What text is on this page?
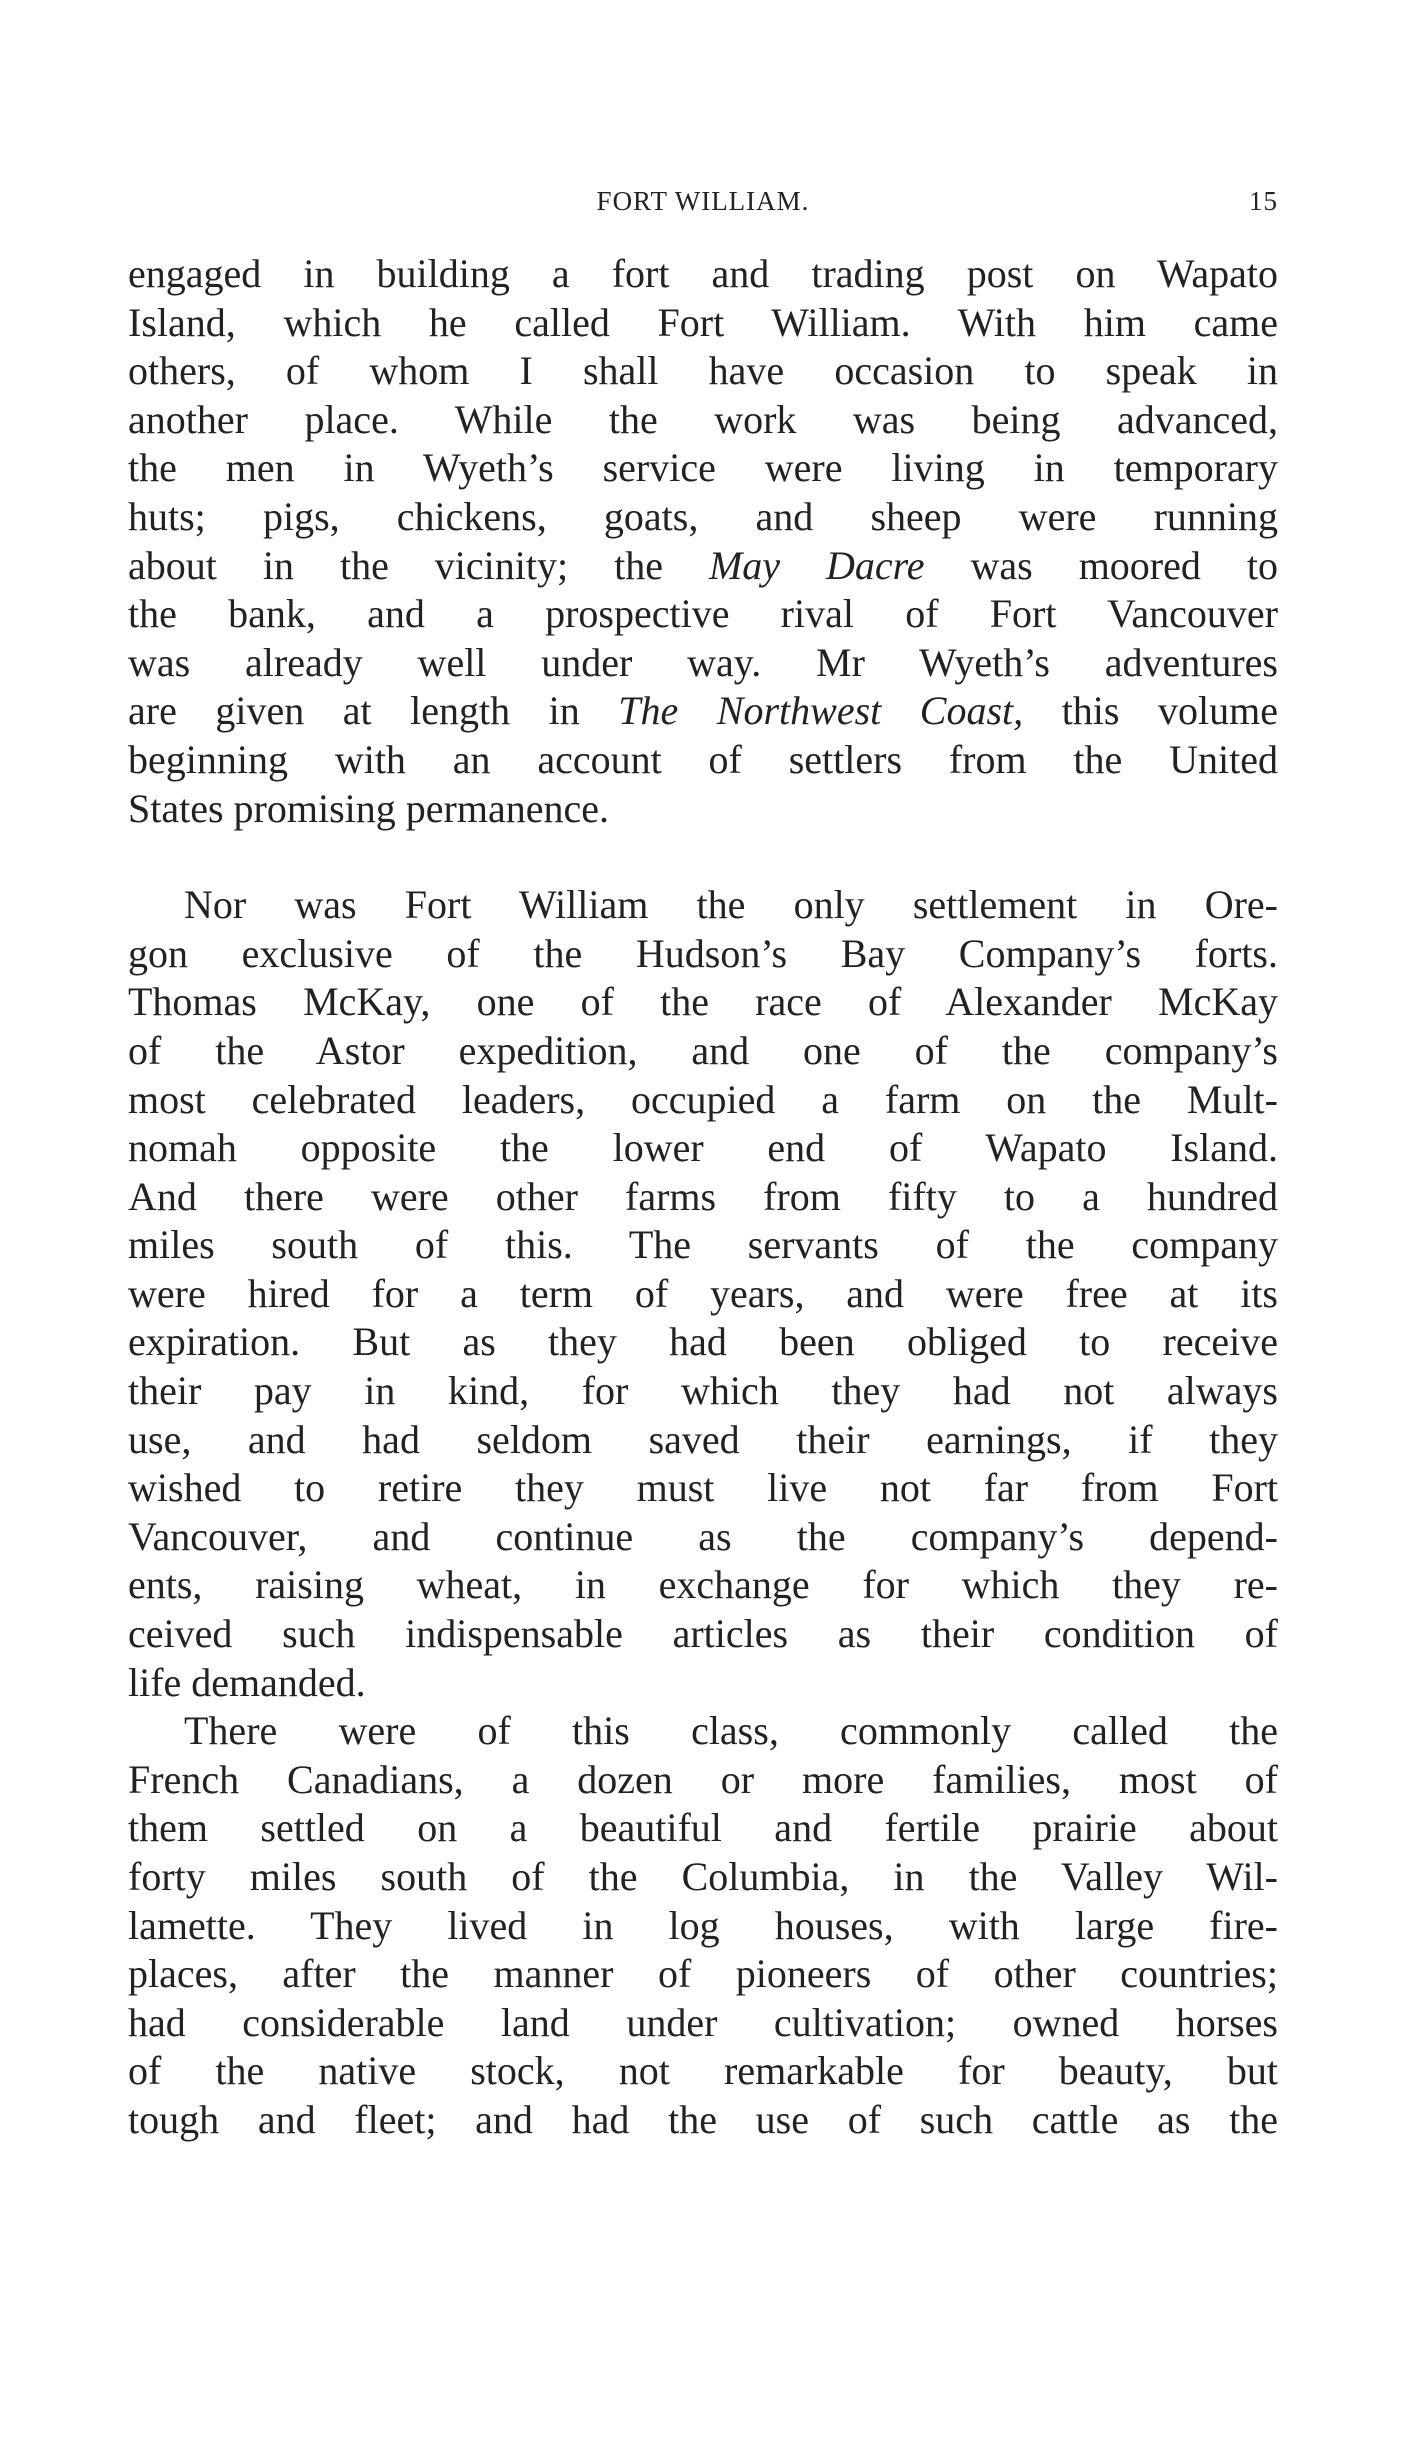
FORT WILLIAM.	15
engaged in building a fort and trading post on Wapato
Island, which he called Fort William. With him came
others, of whom I shall have occasion to speak in
another place. While the work was being advanced,
the men in Wyeth’s service were living in temporary
huts; pigs, chickens, goats, and sheep were running
about in the vicinity; the May Dacre was moored to
the bank, and a prospective rival of Fort Vancouver
was already well under way. Mr Wyeth’s adventures
are given at length in The Northwest Coast, this volume
beginning with an account of settlers from the United
States promising permanence.
Nor was Fort William the only settlement in Ore-
gon exclusive of the Hudson’s Bay Company’s forts.
Thomas McKay, one of the race of Alexander McKay
of the Astor expedition, and one of the company’s
most celebrated leaders, occupied a farm on the Mult-
nomah opposite the lower end of Wapato Island.
And there were other farms from fifty to a hundred
miles south of this. The servants of the company
were hired for a term of years, and were free at its
expiration. But as they had been obliged to receive
their pay in kind, for which they had not always
use, and had seldom saved their earnings, if they
wished to retire they must live not far from Fort
Vancouver, and continue as the company’s depend-
ents, raising wheat, in exchange for which they re-
ceived such indispensable articles as their condition of
life demanded.
There were of this class, commonly called the
French Canadians, a dozen or more families, most of
them settled on a beautiful and fertile prairie about
forty miles south of the Columbia, in the Valley Wil-
lamette. They lived in log houses, with large fire-
places, after the manner of pioneers of other countries;
had considerable land under cultivation; owned horses
of the native stock, not remarkable for beauty, but
tough and fleet; and had the use of such cattle as the
